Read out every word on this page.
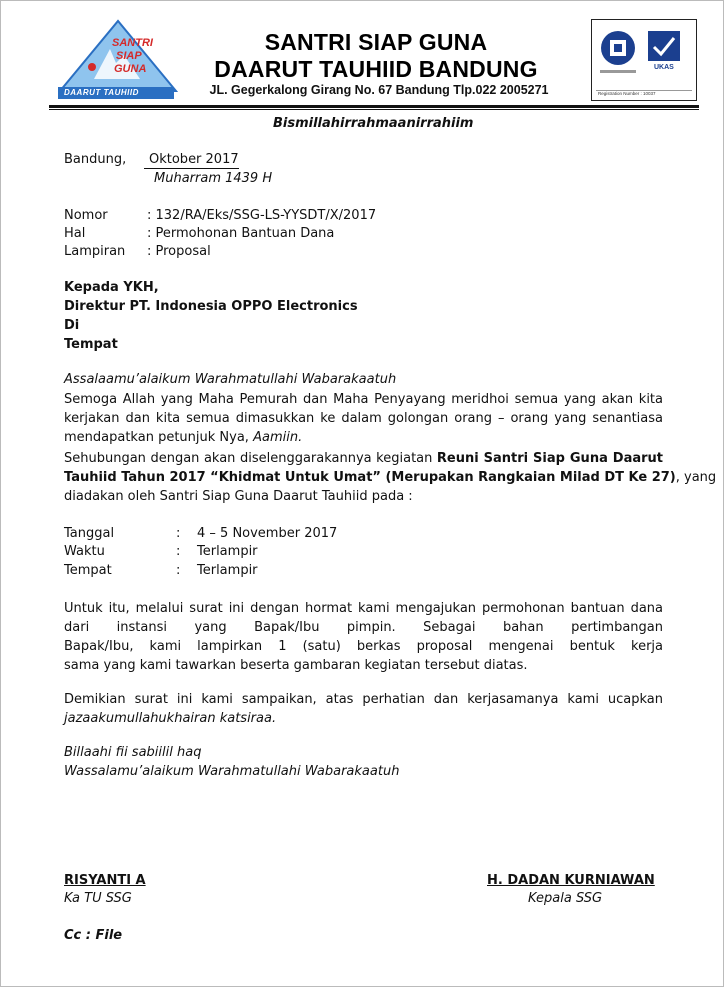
SANTRI
SIAP
GUNA
DAARUT TAUHIID
SANTRI SIAP GUNA
DAARUT TAUHIID BANDUNG
JL. Gegerkalong Girang No. 67 Bandung Tlp.022 2005271
UKAS
Registration Number : 10037
Bismillahirrahmaanirrahiim
Bandung, Oktober 2017
Muharram 1439 H
Nomor	: 132/RA/Eks/SSG-LS-YYSDT/X/2017
Hal	: Permohonan Bantuan Dana
Lampiran : Proposal
Kepada YKH,
Direktur PT. Indonesia OPPO Electronics
Di
Tempat
Assalaamu’alaikum Warahmatullahi Wabarakaatuh
Semoga Allah yang Maha Pemurah dan Maha Penyayang meridhoi semua yang akan kita
kerjakan dan kita semua dimasukkan ke dalam golongan orang – orang yang senantiasa
mendapatkan petunjuk Nya, Aamiin.
Sehubungan dengan akan diselenggarakannya kegiatan Reuni Santri Siap Guna Daarut
Tauhiid Tahun 2017 “Khidmat Untuk Umat” (Merupakan Rangkaian Milad DT Ke 27), yang
diadakan oleh Santri Siap Guna Daarut Tauhiid pada :
Tanggal	: 4 – 5 November 2017
Waktu	: Terlampir
Tempat	: Terlampir
Untuk itu, melalui surat ini dengan hormat kami mengajukan permohonan bantuan dana
dari instansi yang Bapak/Ibu pimpin. Sebagai bahan pertimbangan
Bapak/Ibu, kami lampirkan 1 (satu) berkas proposal mengenai bentuk kerja
sama yang kami tawarkan beserta gambaran kegiatan tersebut diatas.
Demikian surat ini kami sampaikan, atas perhatian dan kerjasamanya kami ucapkan
jazaakumullahukhairan katsiraa.
Billaahi fii sabiilil haq
Wassalamu’alaikum Warahmatullahi Wabarakaatuh
RISYANTI A
Ka TU SSG
H. DADAN KURNIAWAN
Kepala SSG
Cc : File
